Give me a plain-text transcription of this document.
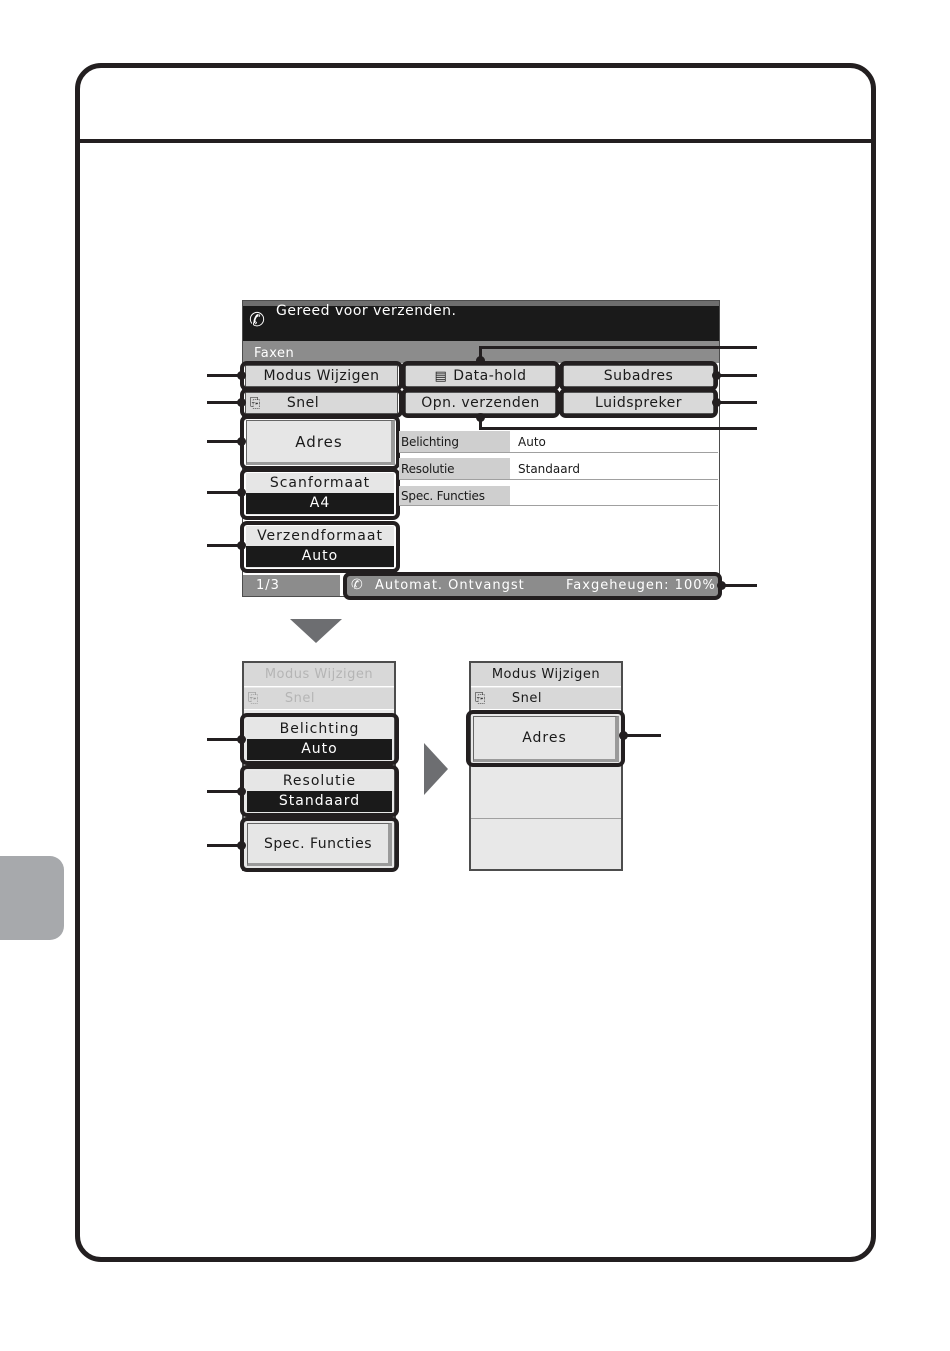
✆ Gereed voor verzenden.
Faxen
Modus Wijzigen	▤ Data-hold	Subadres
⎘ Snel	Opn. verzenden	Luidspreker
Adres
Scanformaat
A4
Verzendformaat
Auto
Belichting	Auto
Resolutie	Standaard
Spec. Functies
1/3	✆ Automat. Ontvangst	Faxgeheugen: 100%
Modus Wijzigen
⎘ Snel
Belichting
Auto
Resolutie
Standaard
Spec. Functies
Modus Wijzigen
⎘ Snel
Adres
